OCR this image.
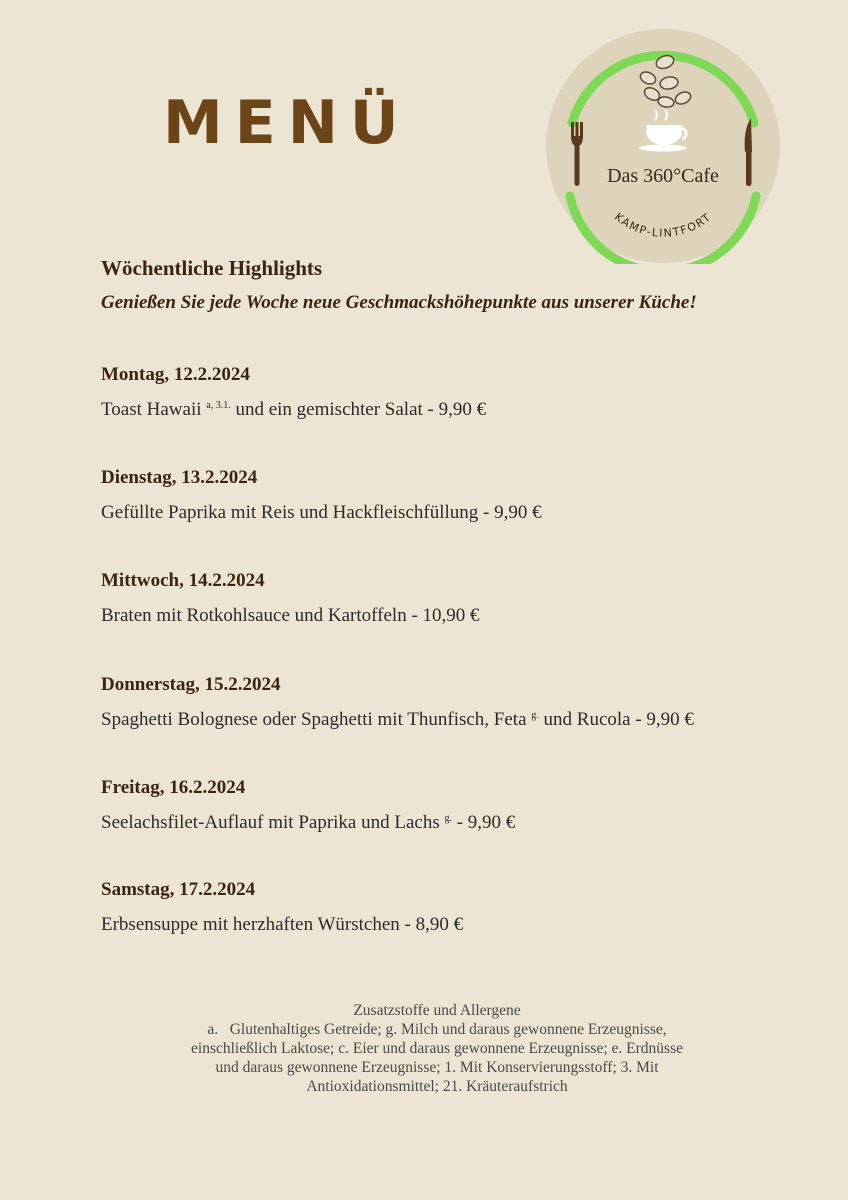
MENÜ
Das 360°Cafe
KAMP-LINTFORT
Wöchentliche Highlights
Genießen Sie jede Woche neue Geschmackshöhepunkte aus unserer Küche!
Montag, 12.2.2024
Toast Hawaii $^{a, 3.1.}$ und ein gemischter Salat - 9,90 €
Dienstag, 13.2.2024
Gefüllte Paprika mit Reis und Hackfleischfüllung - 9,90 €
Mittwoch, 14.2.2024
Braten mit Rotkohlsauce und Kartoffeln - 10,90 €
Donnerstag, 15.2.2024
Spaghetti Bolognese oder Spaghetti mit Thunfisch, Feta $^{g.}$ und Rucola - 9,90 €
Freitag, 16.2.2024
Seelachsfilet-Auflauf mit Paprika und Lachs $^{g.}$ - 9,90 €
Samstag, 17.2.2024
Erbsensuppe mit herzhaften Würstchen - 8,90 €
Zusatzstoffe und Allergene
a.   Glutenhaltiges Getreide; g. Milch und daraus gewonnene Erzeugnisse,
einschließlich Laktose; c. Eier und daraus gewonnene Erzeugnisse; e. Erdnüsse
und daraus gewonnene Erzeugnisse; 1. Mit Konservierungsstoff; 3. Mit
Antioxidationsmittel; 21. Kräuteraufstrich
